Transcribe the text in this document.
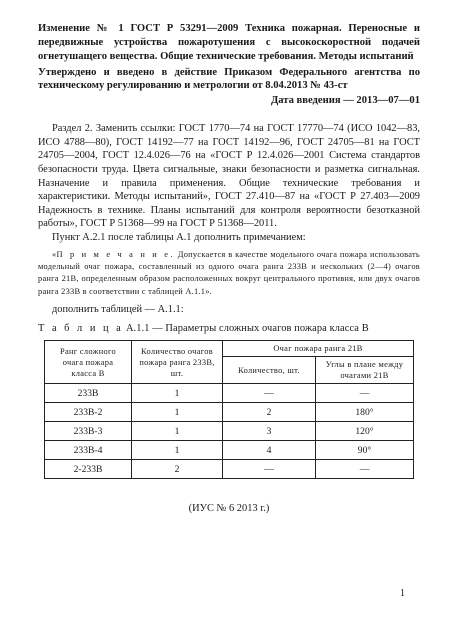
Изменение № 1 ГОСТ Р 53291—2009 Техника пожарная. Переносные и передвижные устройства пожаротушения с высокоскоростной подачей огнетушащего вещества. Общие технические требования. Методы испытаний

Утверждено и введено в действие Приказом Федерального агентства по техническому регулированию и метрологии от 8.04.2013 № 43-ст
Дата введения — 2013—07—01

Раздел 2. Заменить ссылки: ГОСТ 1770—74 на ГОСТ 17770—74 (ИСО 1042—83, ИСО 4788—80), ГОСТ 14192—77 на ГОСТ 14192—96, ГОСТ 24705—81 на ГОСТ 24705—2004, ГОСТ 12.4.026—76 на «ГОСТ Р 12.4.026—2001 Система стандартов безопасности труда. Цвета сигнальные, знаки безопасности и разметка сигнальная. Назначение и правила применения. Общие технические требования и характеристики. Методы испытаний», ГОСТ 27.410—87 на «ГОСТ Р 27.403—2009 Надежность в технике. Планы испытаний для контроля вероятности безотказной работы», ГОСТ Р 51368—99 на ГОСТ Р 51368—2011.

Пункт А.2.1 после таблицы А.1 дополнить примечанием:

«П р и м е ч а н и е. Допускается в качестве модельного очага пожара использовать модельный очаг пожара, составленный из одного очага ранга 233В и нескольких (2—4) очагов ранга 21В, определенным образом расположенных вокруг центрального противня, или двух очагов ранга 233В в соответствии с таблицей А.1.1».
дополнить таблицей — А.1.1:
Т а б л и ц а А.1.1 — Параметры сложных очагов пожара класса В
Ранг сложного очага пожара класса В	Количество очагов пожара ранга 233В, шт.	Очаг пожара ранга 21В	
		Количество, шт.	Углы в плане между очагами 21В
233В	1	—	—
233В-2	1	2	180°
233В-3	1	3	120°
233В-4	1	4	90°
2-233В	2	—	—
(ИУС № 6 2013 г.)
1
